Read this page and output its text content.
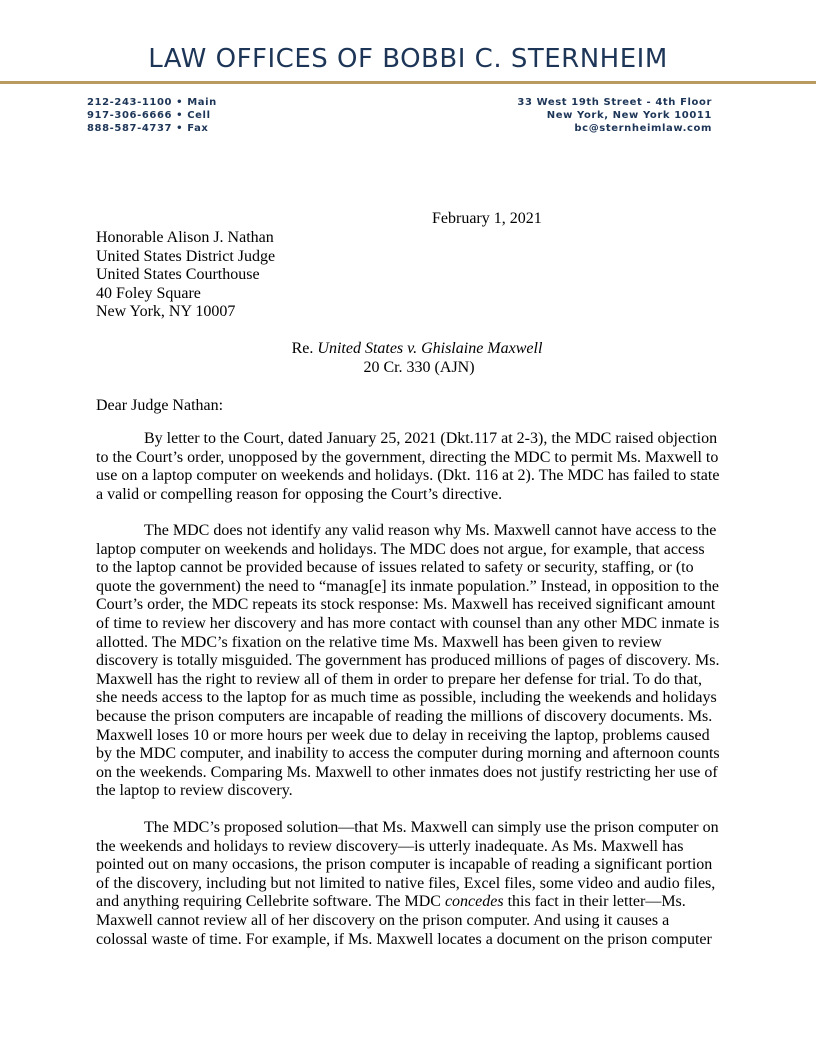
LAW OFFICES OF BOBBI C. STERNHEIM
212-243-1100 • Main
917-306-6666 • Cell
888-587-4737 • Fax
33 West 19th Street - 4th Floor
New York, New York 10011
bc@sternheimlaw.com
February 1, 2021
Honorable Alison J. Nathan
United States District Judge
United States Courthouse
40 Foley Square
New York, NY 10007
Re. United States v. Ghislaine Maxwell
20 Cr. 330 (AJN)
Dear Judge Nathan:

By letter to the Court, dated January 25, 2021 (Dkt.117 at 2-3), the MDC raised objection to the Court’s order, unopposed by the government, directing the MDC to permit Ms. Maxwell to use on a laptop computer on weekends and holidays. (Dkt. 116 at 2). The MDC has failed to state a valid or compelling reason for opposing the Court’s directive.

The MDC does not identify any valid reason why Ms. Maxwell cannot have access to the laptop computer on weekends and holidays. The MDC does not argue, for example, that access to the laptop cannot be provided because of issues related to safety or security, staffing, or (to quote the government) the need to “manag[e] its inmate population.” Instead, in opposition to the Court’s order, the MDC repeats its stock response: Ms. Maxwell has received significant amount of time to review her discovery and has more contact with counsel than any other MDC inmate is allotted. The MDC’s fixation on the relative time Ms. Maxwell has been given to review discovery is totally misguided. The government has produced millions of pages of discovery. Ms. Maxwell has the right to review all of them in order to prepare her defense for trial. To do that, she needs access to the laptop for as much time as possible, including the weekends and holidays because the prison computers are incapable of reading the millions of discovery documents. Ms. Maxwell loses 10 or more hours per week due to delay in receiving the laptop, problems caused by the MDC computer, and inability to access the computer during morning and afternoon counts on the weekends. Comparing Ms. Maxwell to other inmates does not justify restricting her use of the laptop to review discovery.

The MDC’s proposed solution—that Ms. Maxwell can simply use the prison computer on the weekends and holidays to review discovery—is utterly inadequate. As Ms. Maxwell has pointed out on many occasions, the prison computer is incapable of reading a significant portion of the discovery, including but not limited to native files, Excel files, some video and audio files, and anything requiring Cellebrite software. The MDC concedes this fact in their letter—Ms. Maxwell cannot review all of her discovery on the prison computer. And using it causes a colossal waste of time. For example, if Ms. Maxwell locates a document on the prison computer
